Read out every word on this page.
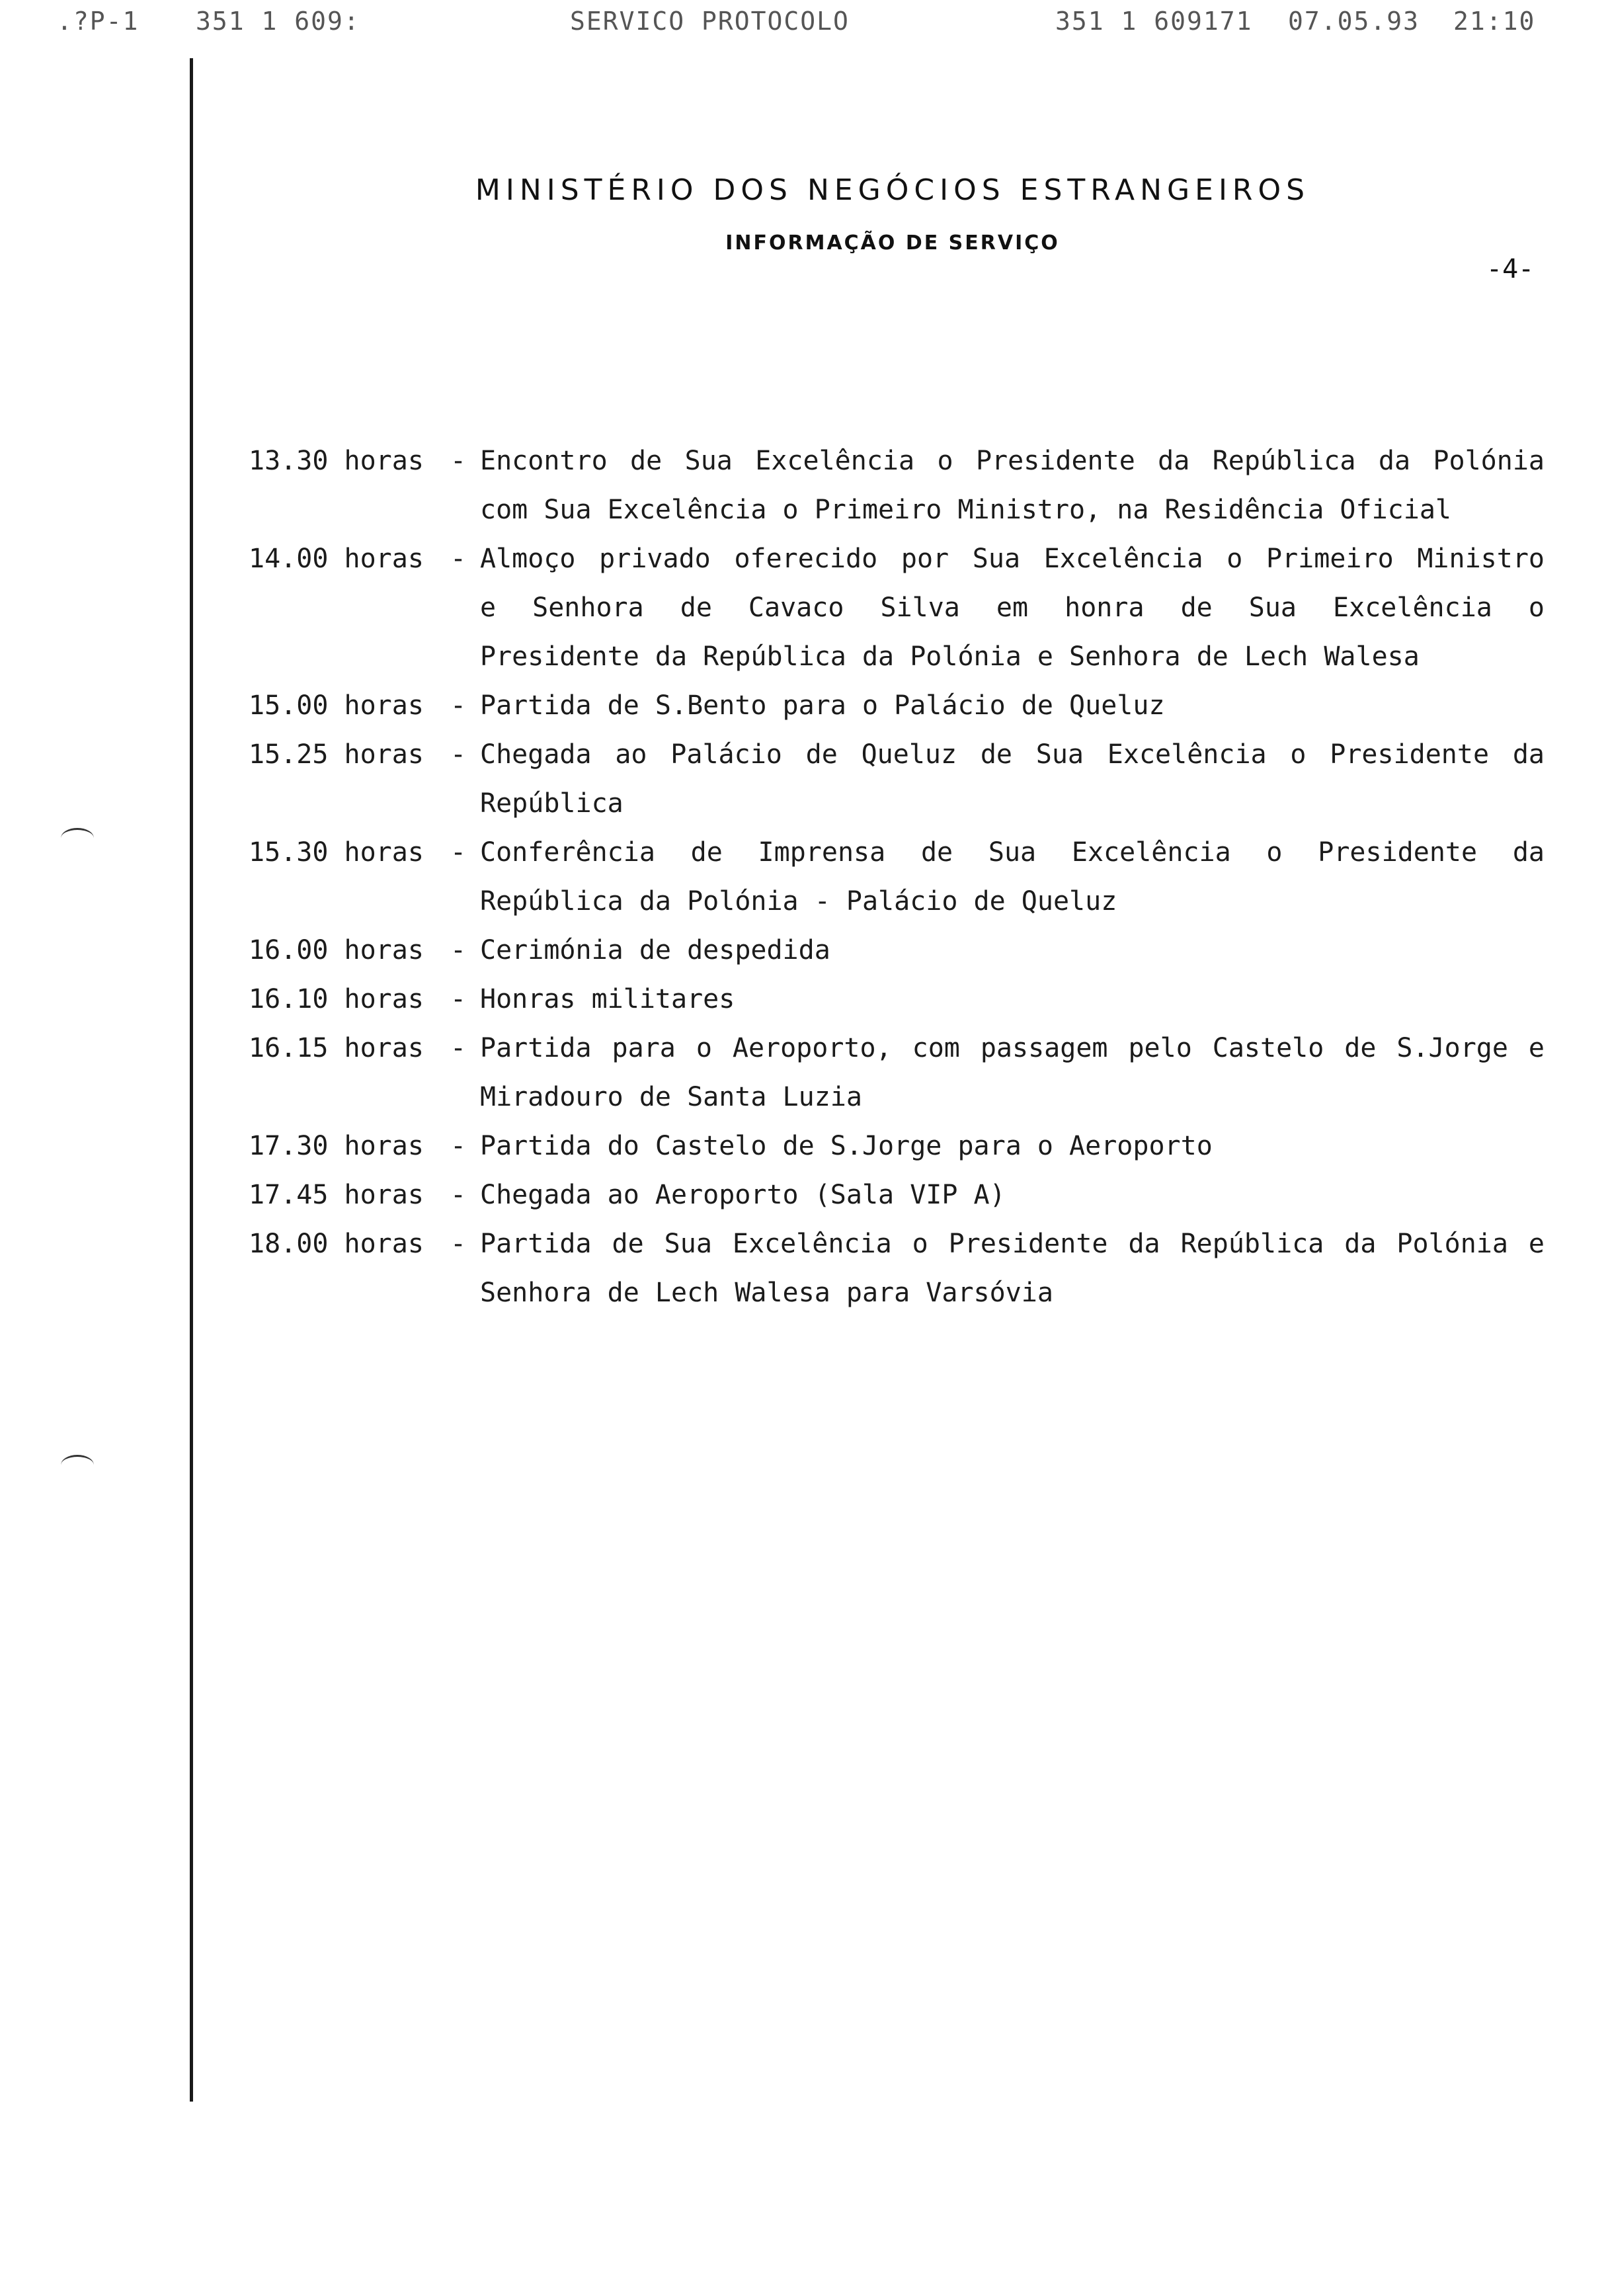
.?P-1 351 1 609:	SERVICO PROTOCOLO	351 1 609171 07.05.93 21:10
MINISTÉRIO DOS NEGÓCIOS ESTRANGEIROS
INFORMAÇÃO DE SERVIÇO
-4-
13.30 horas	- Encontro de Sua Excelência o Presidente da República da Polónia
com Sua Excelência o Primeiro Ministro, na Residência Oficial
14.00 horas	- Almoço privado oferecido por Sua Excelência o Primeiro Ministro
e Senhora de Cavaco Silva em honra de Sua Excelência o
Presidente da República da Polónia e Senhora de Lech Walesa
15.00 horas	- Partida de S.Bento para o Palácio de Queluz
15.25 horas	- Chegada ao Palácio de Queluz de Sua Excelência o Presidente da
República
15.30 horas	- Conferência de Imprensa de Sua Excelência o Presidente da
República da Polónia - Palácio de Queluz
16.00 horas	- Cerimónia de despedida
16.10 horas	- Honras militares
16.15 horas	- Partida para o Aeroporto, com passagem pelo Castelo de S.Jorge e
Miradouro de Santa Luzia
17.30 horas	- Partida do Castelo de S.Jorge para o Aeroporto
17.45 horas	- Chegada ao Aeroporto (Sala VIP A)
18.00 horas	- Partida de Sua Excelência o Presidente da República da Polónia e
Senhora de Lech Walesa para Varsóvia
